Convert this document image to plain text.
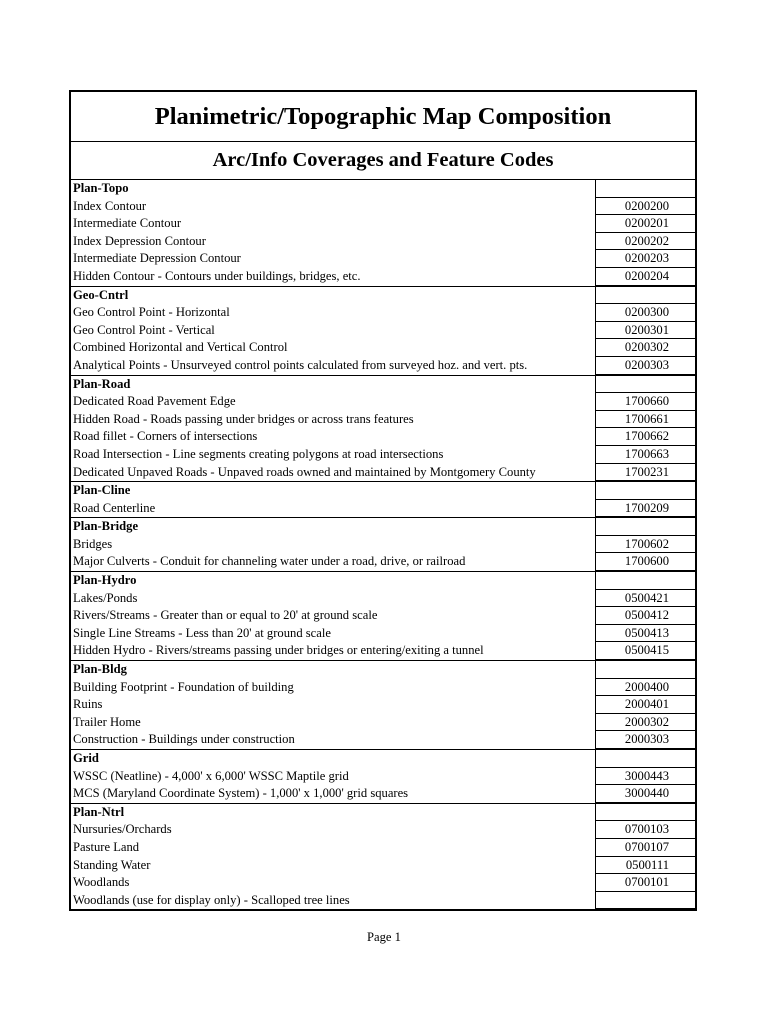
Planimetric/Topographic Map Composition
Arc/Info Coverages and Feature Codes
Plan-Topo
Index Contour	0200200
Intermediate Contour	0200201
Index Depression Contour	0200202
Intermediate Depression Contour	0200203
Hidden Contour - Contours under buildings, bridges, etc.	0200204
Geo-Cntrl
Geo Control Point - Horizontal	0200300
Geo Control Point - Vertical	0200301
Combined Horizontal and Vertical Control	0200302
Analytical Points - Unsurveyed control points calculated from surveyed hoz. and vert. pts.	0200303
Plan-Road
Dedicated Road Pavement Edge	1700660
Hidden Road - Roads passing under bridges or across trans features	1700661
Road fillet - Corners of intersections	1700662
Road Intersection - Line segments creating polygons at road intersections	1700663
Dedicated Unpaved Roads - Unpaved roads owned and maintained by Montgomery County	1700231
Plan-Cline
Road Centerline	1700209
Plan-Bridge
Bridges	1700602
Major Culverts - Conduit for channeling water under a road, drive, or railroad	1700600
Plan-Hydro
Lakes/Ponds	0500421
Rivers/Streams - Greater than or equal to 20' at ground scale	0500412
Single Line Streams - Less than 20' at ground scale	0500413
Hidden Hydro - Rivers/streams passing under bridges or entering/exiting a tunnel	0500415
Plan-Bldg
Building Footprint - Foundation of building	2000400
Ruins	2000401
Trailer Home	2000302
Construction - Buildings under construction	2000303
Grid
WSSC (Neatline) - 4,000' x 6,000' WSSC Maptile grid	3000443
MCS (Maryland Coordinate System) - 1,000' x 1,000' grid squares	3000440
Plan-Ntrl
Nursuries/Orchards	0700103
Pasture Land	0700107
Standing Water	0500111
Woodlands	0700101
Woodlands (use for display only) - Scalloped tree lines
Page 1
